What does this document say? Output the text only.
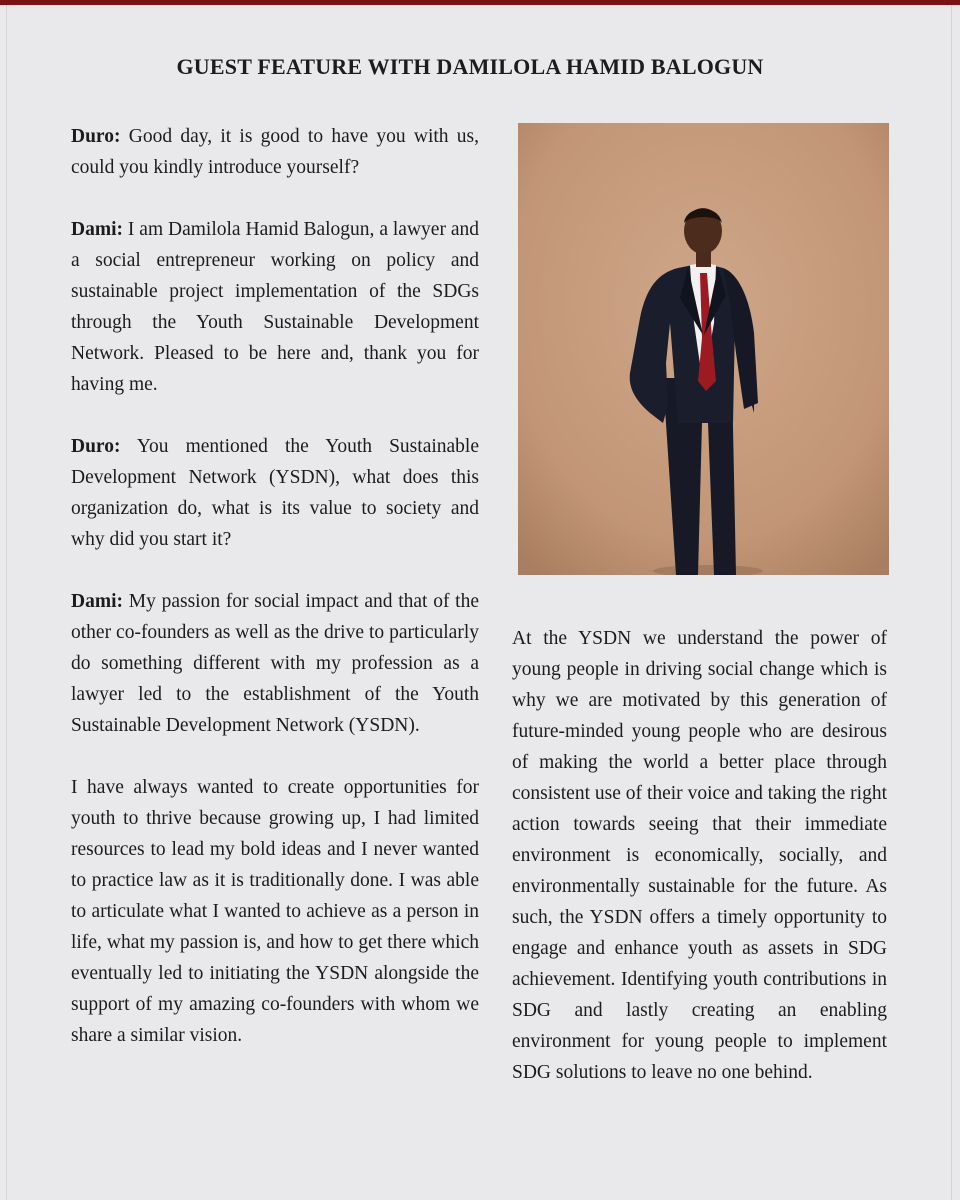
GUEST FEATURE WITH DAMILOLA HAMID BALOGUN

Duro: Good day, it is good to have you with us, could you kindly introduce yourself?

Dami: I am Damilola Hamid Balogun, a lawyer and a social entrepreneur working on policy and sustainable project implementation of the SDGs through the Youth Sustainable Development Network. Pleased to be here and, thank you for having me.

Duro: You mentioned the Youth Sustainable Development Network (YSDN), what does this organization do, what is its value to society and why did you start it?

Dami: My passion for social impact and that of the other co-founders as well as the drive to particularly do something different with my profession as a lawyer led to the establishment of the Youth Sustainable Development Network (YSDN).

I have always wanted to create opportunities for youth to thrive because growing up, I had limited resources to lead my bold ideas and I never wanted to practice law as it is traditionally done. I was able to articulate what I wanted to achieve as a person in life, what my passion is, and how to get there which eventually led to initiating the YSDN alongside the support of my amazing co-founders with whom we share a similar vision.

At the YSDN we understand the power of young people in driving social change which is why we are motivated by this generation of future-minded young people who are desirous of making the world a better place through consistent use of their voice and taking the right action towards seeing that their immediate environment is economically, socially, and environmentally sustainable for the future. As such, the YSDN offers a timely opportunity to engage and enhance youth as assets in SDG achievement. Identifying youth contributions in SDG and lastly creating an enabling environment for young people to implement SDG solutions to leave no one behind.
